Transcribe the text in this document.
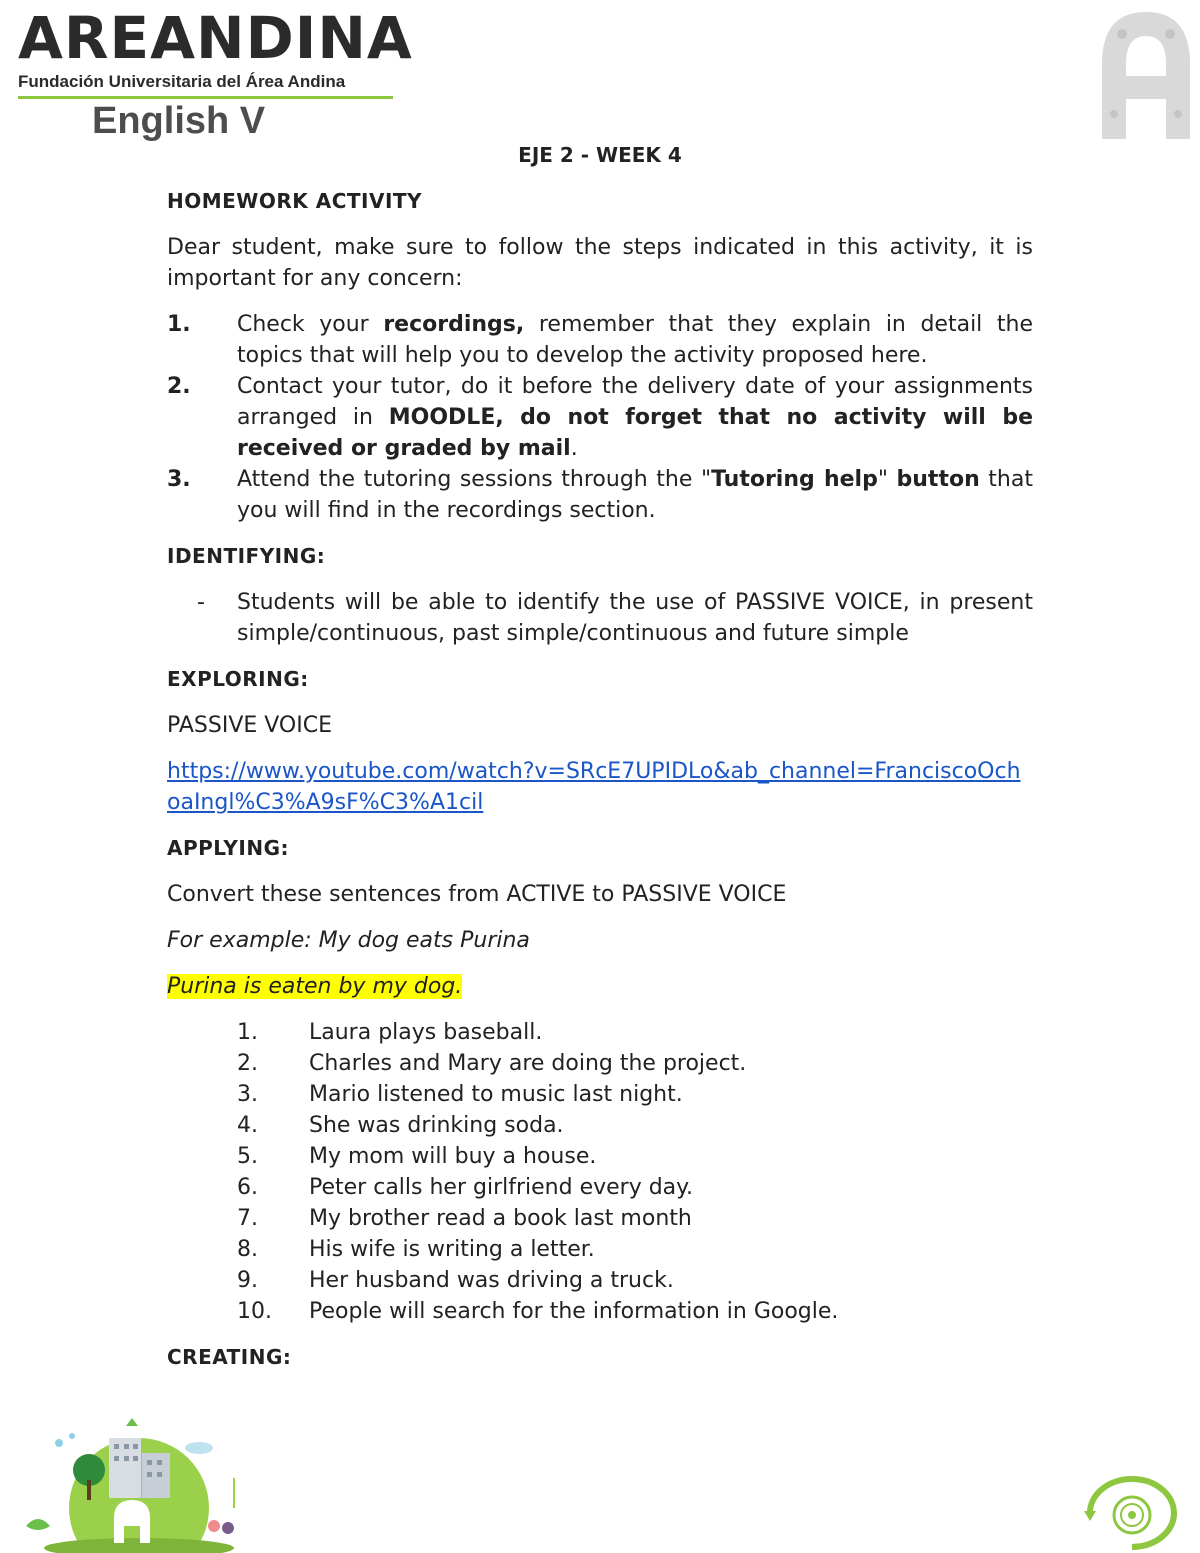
AREANDINA
Fundación Universitaria del Área Andina
English V
EJE 2 - WEEK 4
HOMEWORK ACTIVITY

Dear student, make sure to follow the steps indicated in this activity, it is important for any concern:

1.	Check your recordings, remember that they explain in detail the topics that will help you to develop the activity proposed here.
2.	Contact your tutor, do it before the delivery date of your assignments arranged in MOODLE, do not forget that no activity will be received or graded by mail.
3.	Attend the tutoring sessions through the "Tutoring help" button that you will find in the recordings section.
IDENTIFYING:
-	Students will be able to identify the use of PASSIVE VOICE, in present simple/continuous, past simple/continuous and future simple
EXPLORING:

PASSIVE VOICE

https://www.youtube.com/watch?v=SRcE7UPIDLo&ab_channel=FranciscoOchoaIngl%C3%A9sF%C3%A1cil

APPLYING:

Convert these sentences from ACTIVE to PASSIVE VOICE

For example: My dog eats Purina

Purina is eaten by my dog.

1.	Laura plays baseball.
2.	Charles and Mary are doing the project.
3.	Mario listened to music last night.
4.	She was drinking soda.
5.	My mom will buy a house.
6.	Peter calls her girlfriend every day.
7.	My brother read a book last month
8.	His wife is writing a letter.
9.	Her husband was driving a truck.
10.	People will search for the information in Google.
CREATING:
